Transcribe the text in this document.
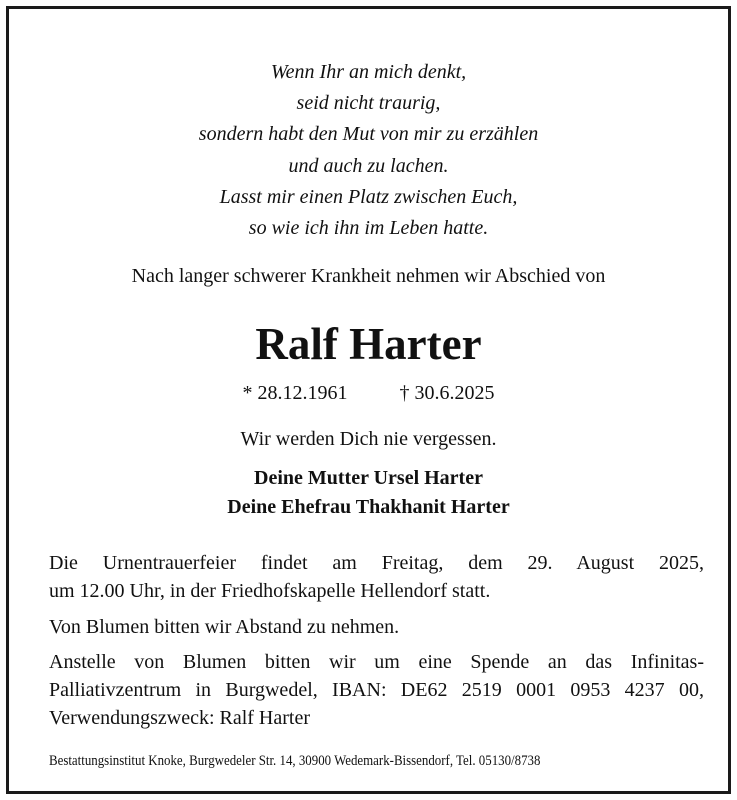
Wenn Ihr an mich denkt,
seid nicht traurig,
sondern habt den Mut von mir zu erzählen
und auch zu lachen.
Lasst mir einen Platz zwischen Euch,
so wie ich ihn im Leben hatte.
Nach langer schwerer Krankheit nehmen wir Abschied von
Ralf Harter
* 28.12.1961	† 30.6.2025
Wir werden Dich nie vergessen.
Deine Mutter Ursel Harter
Deine Ehefrau Thakhanit Harter
Die Urnentrauerfeier findet am Freitag, dem 29. August 2025,
um 12.00 Uhr, in der Friedhofskapelle Hellendorf statt.
Von Blumen bitten wir Abstand zu nehmen.
Anstelle von Blumen bitten wir um eine Spende an das Infinitas-
Palliativzentrum in Burgwedel, IBAN: DE62 2519 0001 0953 4237 00,
Verwendungszweck: Ralf Harter
Bestattungsinstitut Knoke, Burgwedeler Str. 14, 30900 Wedemark-Bissendorf, Tel. 05130/8738
